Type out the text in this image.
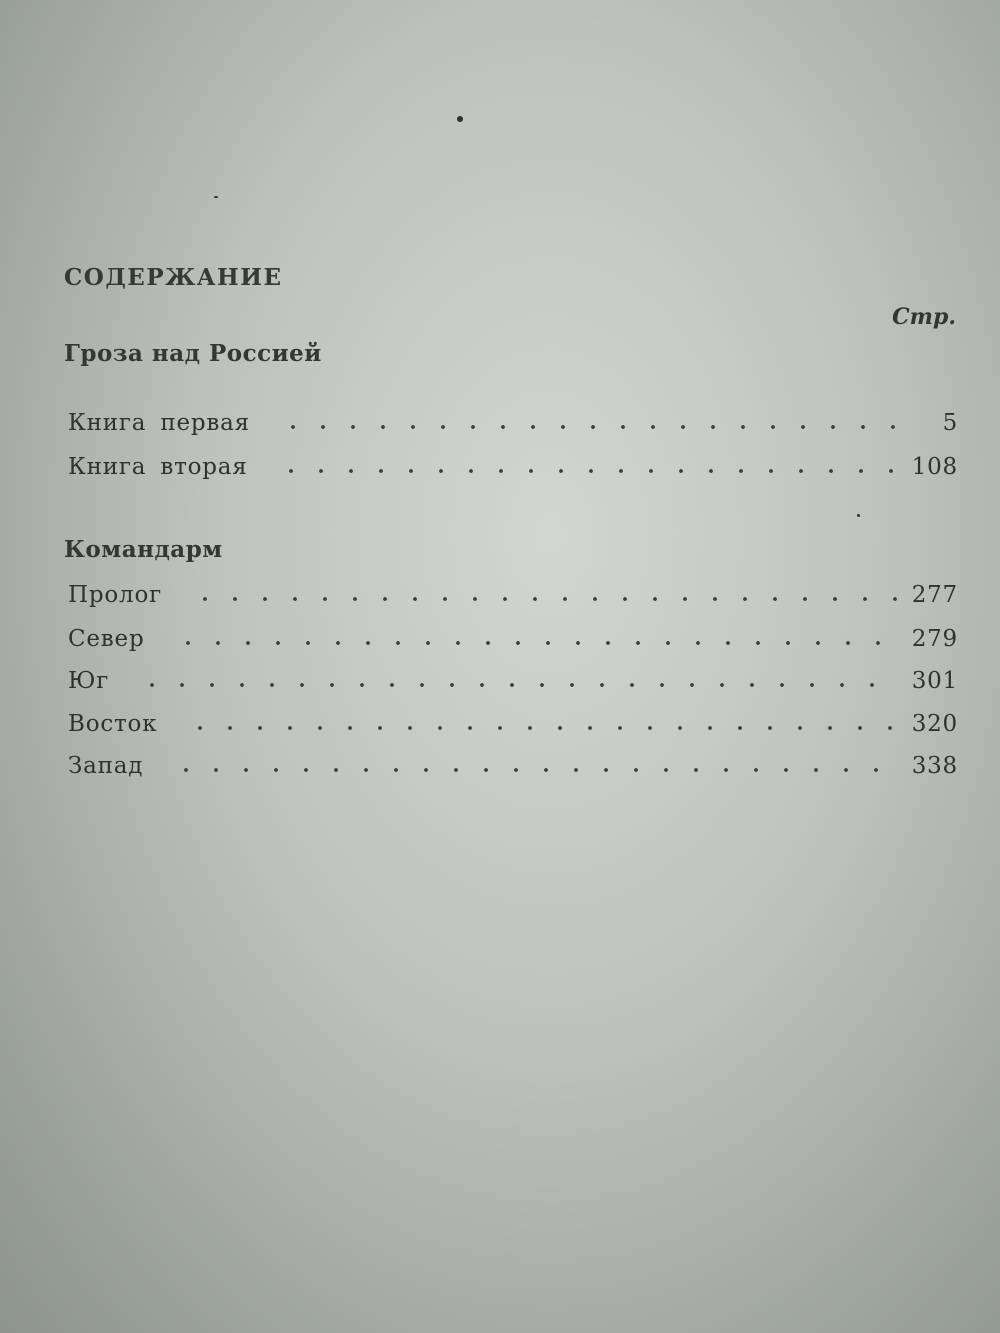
СОДЕРЖАНИЕ
Стр.
Гроза над Россией
Книга первая	5
Книга вторая	108
Командарм
Пролог	277
Север	279
Юг	301
Восток	320
Запад	338
